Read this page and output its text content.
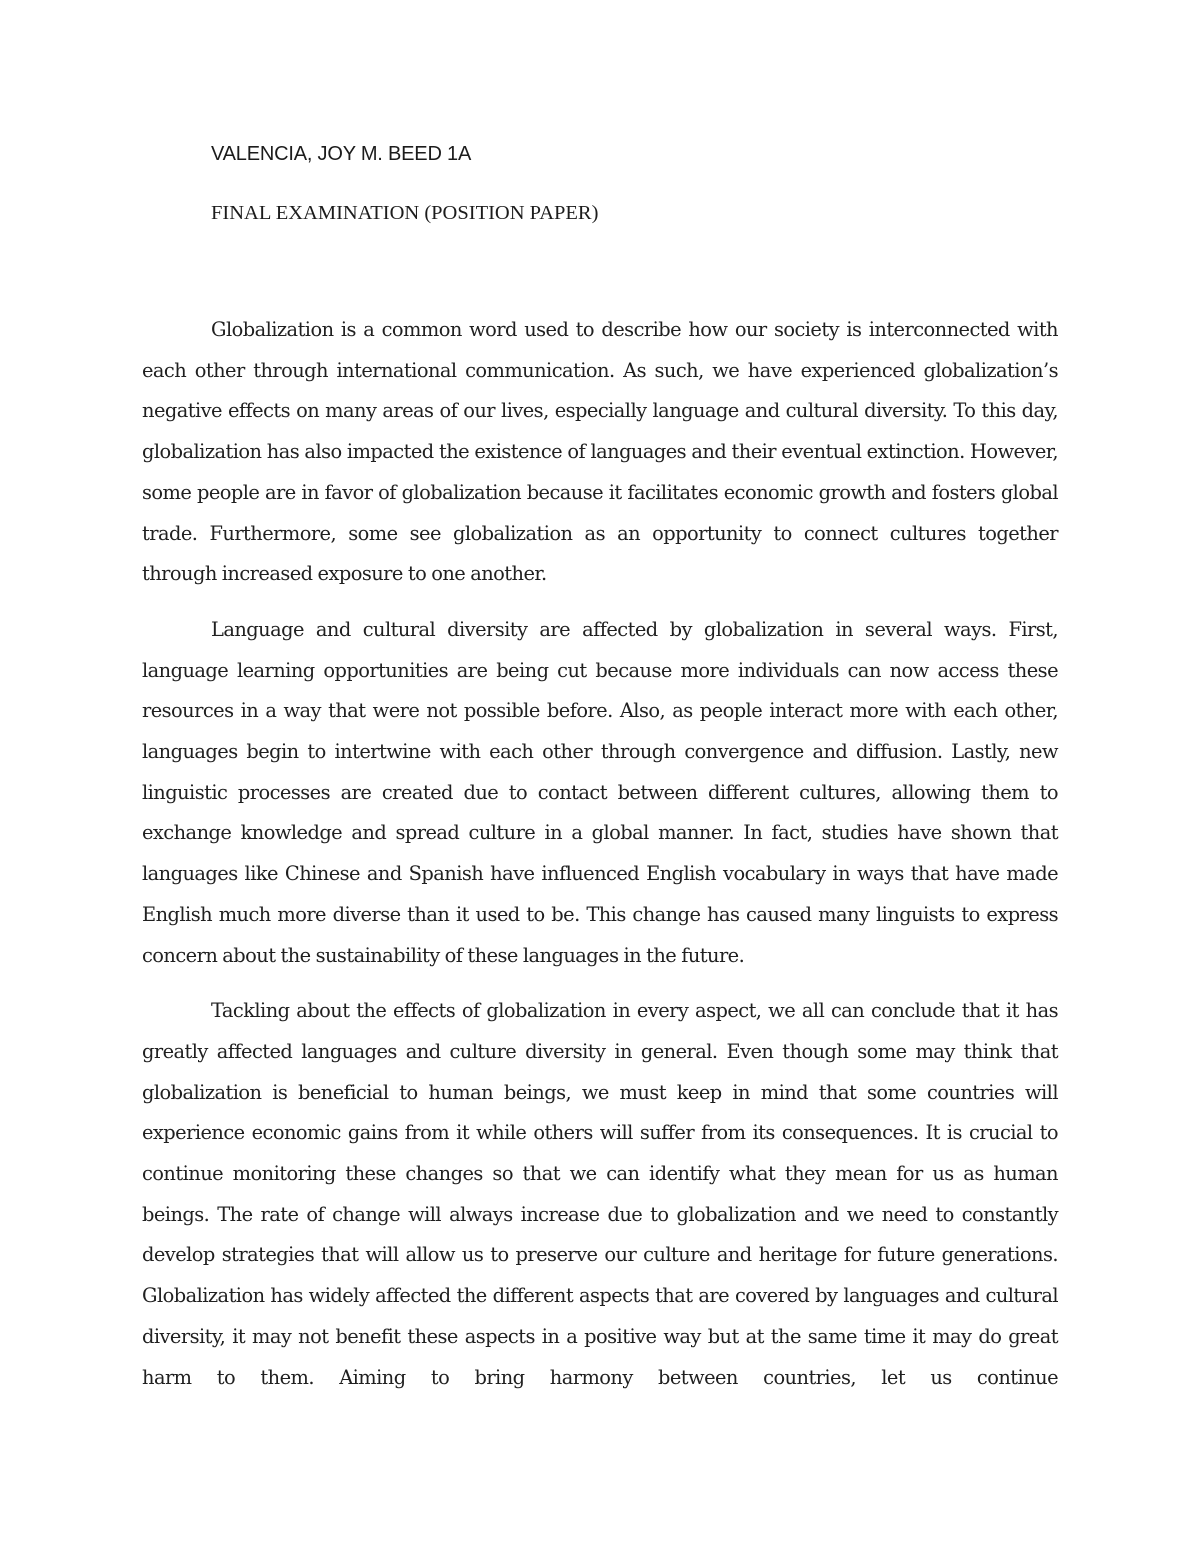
VALENCIA, JOY M. BEED 1A
FINAL EXAMINATION (POSITION PAPER)

Globalization is a common word used to describe how our society is interconnected with each other through international communication. As such, we have experienced globalization’s negative effects on many areas of our lives, especially language and cultural diversity. To this day, globalization has also impacted the existence of languages and their eventual extinction. However, some people are in favor of globalization because it facilitates economic growth and fosters global trade. Furthermore, some see globalization as an opportunity to connect cultures together through increased exposure to one another.

Language and cultural diversity are affected by globalization in several ways. First, language learning opportunities are being cut because more individuals can now access these resources in a way that were not possible before. Also, as people interact more with each other, languages begin to intertwine with each other through convergence and diffusion. Lastly, new linguistic processes are created due to contact between different cultures, allowing them to exchange knowledge and spread culture in a global manner. In fact, studies have shown that languages like Chinese and Spanish have influenced English vocabulary in ways that have made English much more diverse than it used to be. This change has caused many linguists to express concern about the sustainability of these languages in the future.

Tackling about the effects of globalization in every aspect, we all can conclude that it has greatly affected languages and culture diversity in general. Even though some may think that globalization is beneficial to human beings, we must keep in mind that some countries will experience economic gains from it while others will suffer from its consequences. It is crucial to continue monitoring these changes so that we can identify what they mean for us as human beings. The rate of change will always increase due to globalization and we need to constantly develop strategies that will allow us to preserve our culture and heritage for future generations. Globalization has widely affected the different aspects that are covered by languages and cultural diversity, it may not benefit these aspects in a positive way but at the same time it may do great harm to them. Aiming to bring harmony between countries, let us continue
